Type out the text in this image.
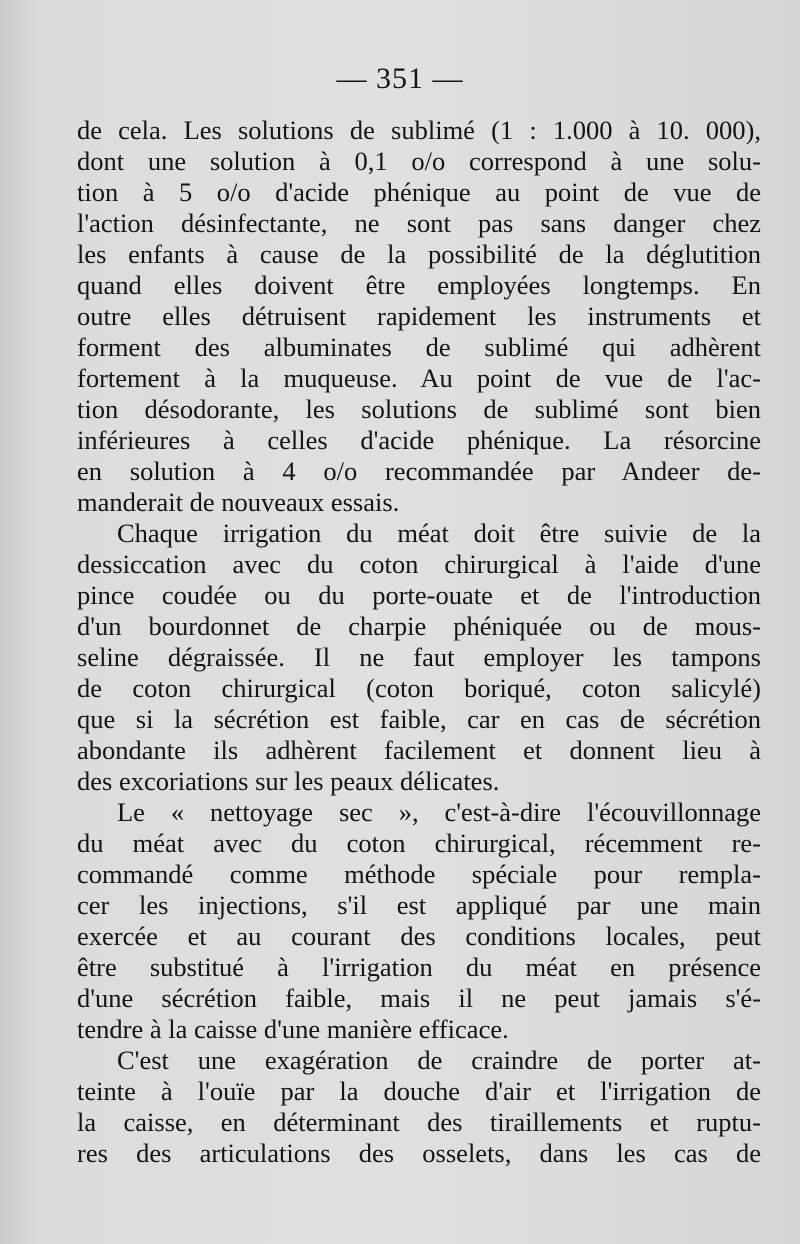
— 351 —
de cela. Les solutions de sublimé (1 : 1.000 à 10. 000),
dont une solution à 0,1 o/o correspond à une solu-
tion à 5 o/o d'acide phénique au point de vue de
l'action désinfectante, ne sont pas sans danger chez
les enfants à cause de la possibilité de la déglutition
quand elles doivent être employées longtemps. En
outre elles détruisent rapidement les instruments et
forment des albuminates de sublimé qui adhèrent
fortement à la muqueuse. Au point de vue de l'ac-
tion désodorante, les solutions de sublimé sont bien
inférieures à celles d'acide phénique. La résorcine
en solution à 4 o/o recommandée par Andeer de-
manderait de nouveaux essais.
Chaque irrigation du méat doit être suivie de la
dessiccation avec du coton chirurgical à l'aide d'une
pince coudée ou du porte-ouate et de l'introduction
d'un bourdonnet de charpie phéniquée ou de mous-
seline dégraissée. Il ne faut employer les tampons
de coton chirurgical (coton boriqué, coton salicylé)
que si la sécrétion est faible, car en cas de sécrétion
abondante ils adhèrent facilement et donnent lieu à
des excoriations sur les peaux délicates.
Le « nettoyage sec », c'est-à-dire l'écouvillonnage
du méat avec du coton chirurgical, récemment re-
commandé comme méthode spéciale pour rempla-
cer les injections, s'il est appliqué par une main
exercée et au courant des conditions locales, peut
être substitué à l'irrigation du méat en présence
d'une sécrétion faible, mais il ne peut jamais s'é-
tendre à la caisse d'une manière efficace.
C'est une exagération de craindre de porter at-
teinte à l'ouïe par la douche d'air et l'irrigation de
la caisse, en déterminant des tiraillements et ruptu-
res des articulations des osselets, dans les cas de
